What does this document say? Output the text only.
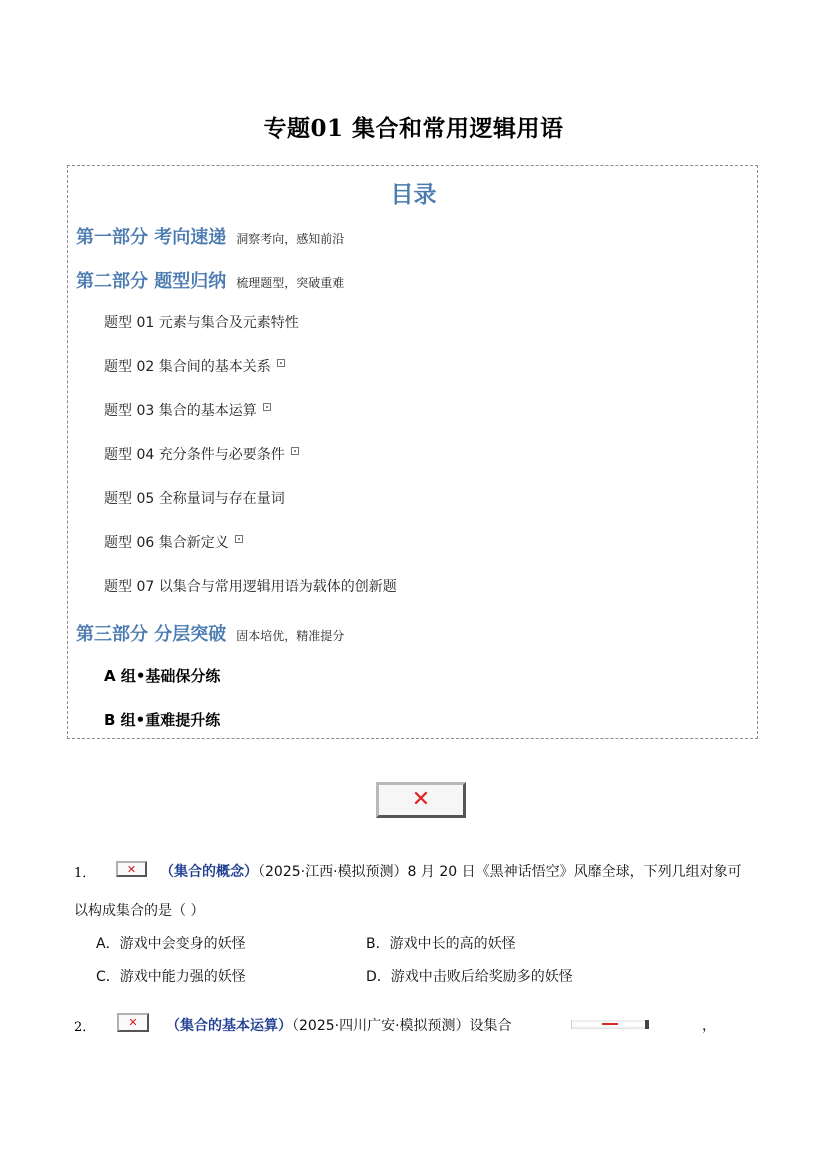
专题01 集合和常用逻辑用语
目录
第一部分 考向速递 洞察考向，感知前沿
第二部分 题型归纳 梳理题型，突破重难
题型 01 元素与集合及元素特性
题型 02 集合间的基本关系
题型 03 集合的基本运算
题型 04 充分条件与必要条件
题型 05 全称量词与存在量词
题型 06 集合新定义
题型 07 以集合与常用逻辑用语为载体的创新题
第三部分 分层突破 固本培优，精准提分
A 组•基础保分练
B 组•重难提升练
✕
1．	✕ （集合的概念）（2025·江西·模拟预测）8 月 20 日《黑神话悟空》风靡全球，下列几组对象可
以构成集合的是（ ）
A．游戏中会变身的妖怪	B．游戏中长的高的妖怪
C．游戏中能力强的妖怪	D．游戏中击败后给奖励多的妖怪
2．	✕ （集合的基本运算）（2025·四川广安·模拟预测）设集合	，
